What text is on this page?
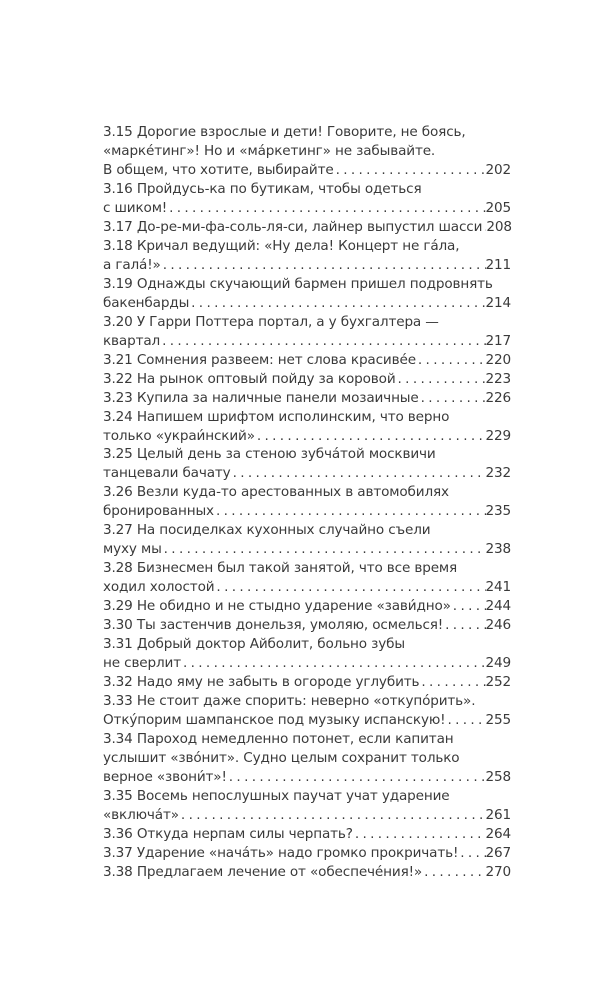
3.15 Дорогие взрослые и дети! Говорите, не боясь,
«маркéтинг»! Но и «мáркетинг» не забывайте.
В общем, что хотите, выбирайте . . .	202
3.16 Пройдусь-ка по бутикам, чтобы одеться
с шиком! . . .	205
3.17 До-ре-ми-фа-соль-ля-си, лайнер выпустил шасси . . . 208
3.18 Кричал ведущий: «Ну дела! Концерт не гáла,
а галá!» . . .	211
3.19 Однажды скучающий бармен пришел подровнять
бакенбарды . . .	214
3.20 У Гарри Поттера портал, а у бухгалтера —
квартал . . .	217
3.21 Сомнения развеем: нет слова красивéе . . .	220
3.22 На рынок оптовый пойду за коровой . . .	223
3.23 Купила за наличные панели мозаичные . . .	226
3.24 Напишем шрифтом исполинским, что верно
только «украи́нский» . . .	229
3.25 Целый день за стеною зубчáтой москвичи
танцевали бачату . . .	232
3.26 Везли куда-то арестованных в автомобилях
бронированных . . .	235
3.27 На посиделках кухонных случайно съели
муху мы . . .	238
3.28 Бизнесмен был такой занятой, что все время
ходил холостой . . .	241
3.29 Не обидно и не стыдно ударение «зави́дно» . . .	244
3.30 Ты застенчив донельзя, умоляю, осмелься! . . .	246
3.31 Добрый доктор Айболит, больно зубы
не сверлит . . .	249
3.32 Надо яму не забыть в огороде углубить . . .	252
3.33 Не стоит даже спорить: неверно «откупóрить».
Отку́порим шампанское под музыку испанскую! . . .	255
3.34 Пароход немедленно потонет, если капитан
услышит «звóнит». Судно целым сохранит только
верное «звони́т»! . . .	258
3.35 Восемь непослушных паучат учат ударение
«включáт» . . .	261
3.36 Откуда нерпам силы черпать? . . .	264
3.37 Ударение «начáть» надо громко прокричать! . . . 267
3.38 Предлагаем лечение от «обеспечéния!» . . .	270
